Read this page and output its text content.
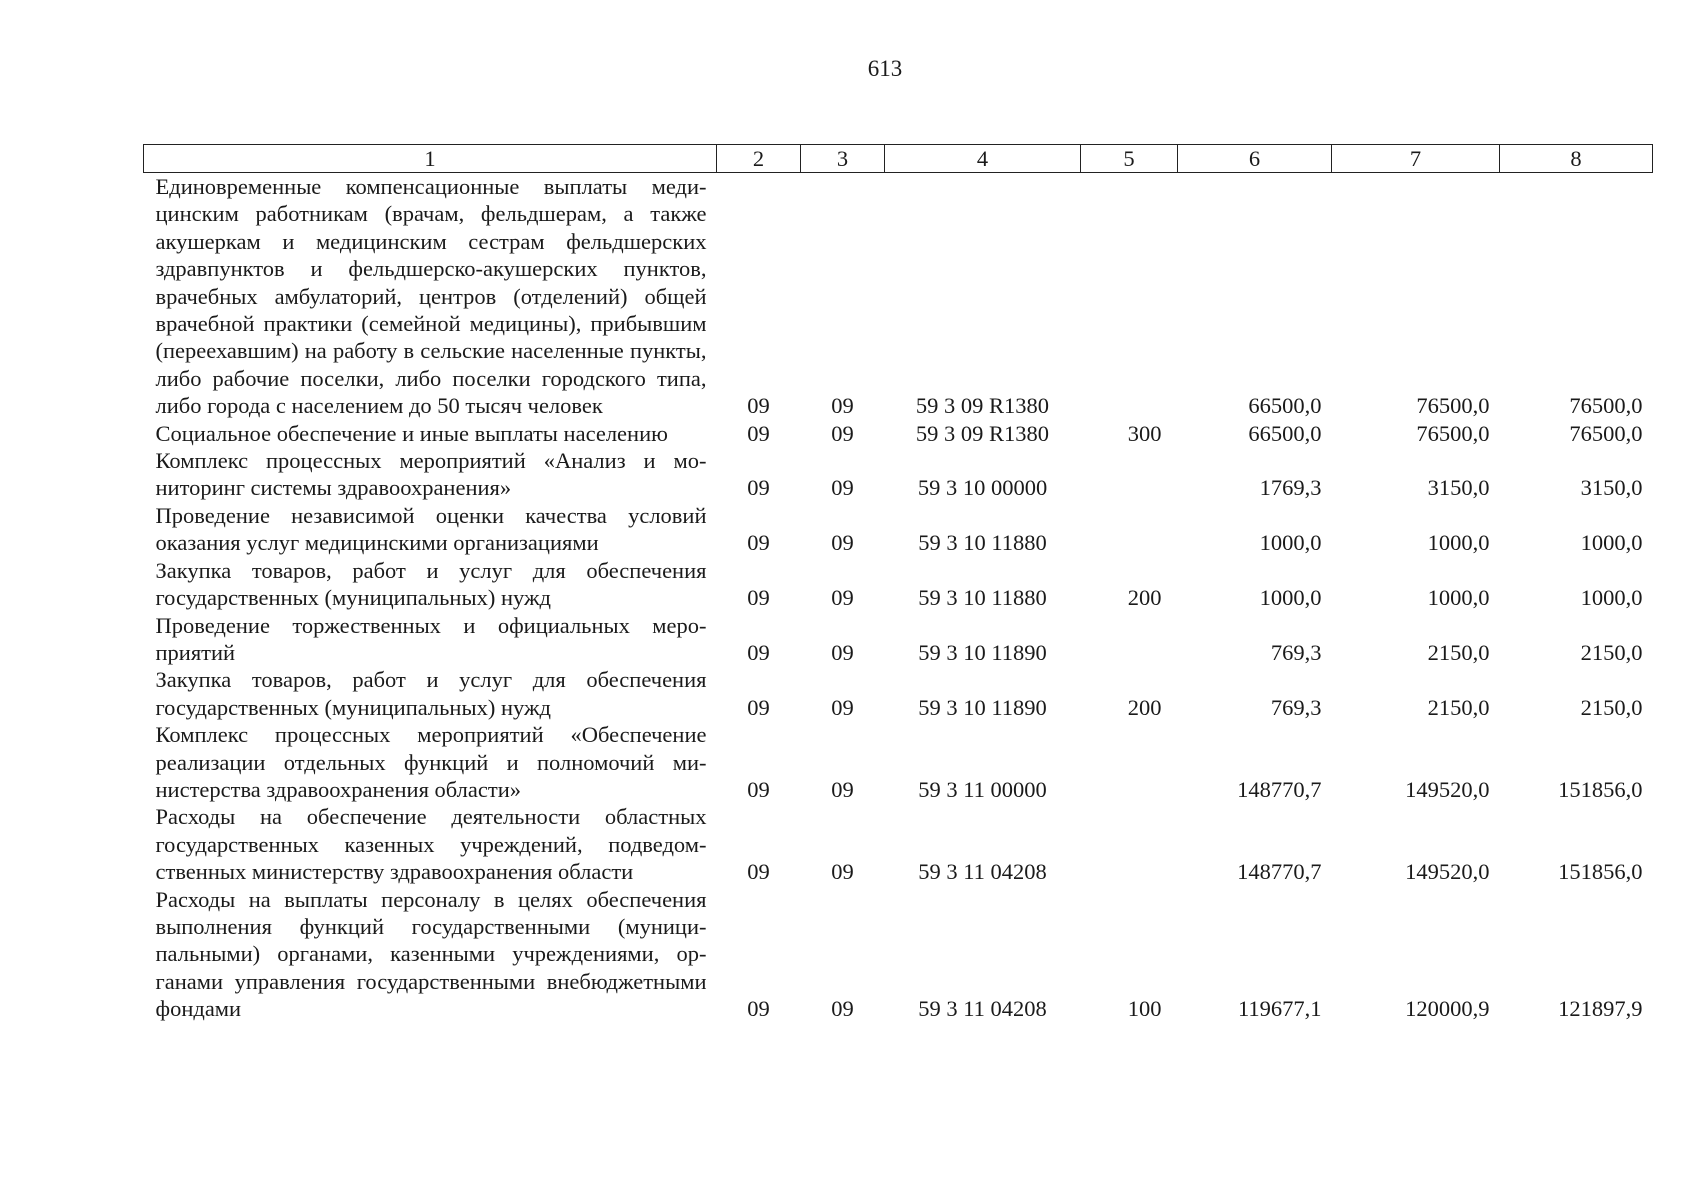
613
1	2	3	4	5	6	7	8
Единовременные компенсационные выплаты медицинским работникам (врачам, фельдшерам, а также акушеркам и медицинским сестрам фельдшерских здравпунктов и фельдшерско-акушерских пунктов, врачебных амбулаторий, центров (отделений) общей врачебной практики (семейной медицины), прибывшим (переехавшим) на работу в сельские населенные пункты, либо рабочие поселки, либо поселки городского типа, либо города с населением до 50 тысяч человек	09	09	59 3 09 R1380		66500,0	76500,0	76500,0
Социальное обеспечение и иные выплаты населению	09	09	59 3 09 R1380	300	66500,0	76500,0	76500,0
Комплекс процессных мероприятий «Анализ и мониторинг системы здравоохранения»	09	09	59 3 10 00000		1769,3	3150,0	3150,0
Проведение независимой оценки качества условий оказания услуг медицинскими организациями	09	09	59 3 10 11880		1000,0	1000,0	1000,0
Закупка товаров, работ и услуг для обеспечения государственных (муниципальных) нужд	09	09	59 3 10 11880	200	1000,0	1000,0	1000,0
Проведение торжественных и официальных мероприятий	09	09	59 3 10 11890		769,3	2150,0	2150,0
Закупка товаров, работ и услуг для обеспечения государственных (муниципальных) нужд	09	09	59 3 10 11890	200	769,3	2150,0	2150,0
Комплекс процессных мероприятий «Обеспечение реализации отдельных функций и полномочий министерства здравоохранения области»	09	09	59 3 11 00000		148770,7	149520,0	151856,0
Расходы на обеспечение деятельности областных государственных казенных учреждений, подведомственных министерству здравоохранения области	09	09	59 3 11 04208		148770,7	149520,0	151856,0
Расходы на выплаты персоналу в целях обеспечения выполнения функций государственными (муниципальными) органами, казенными учреждениями, органами управления государственными внебюджетными фондами	09	09	59 3 11 04208	100	119677,1	120000,9	121897,9
